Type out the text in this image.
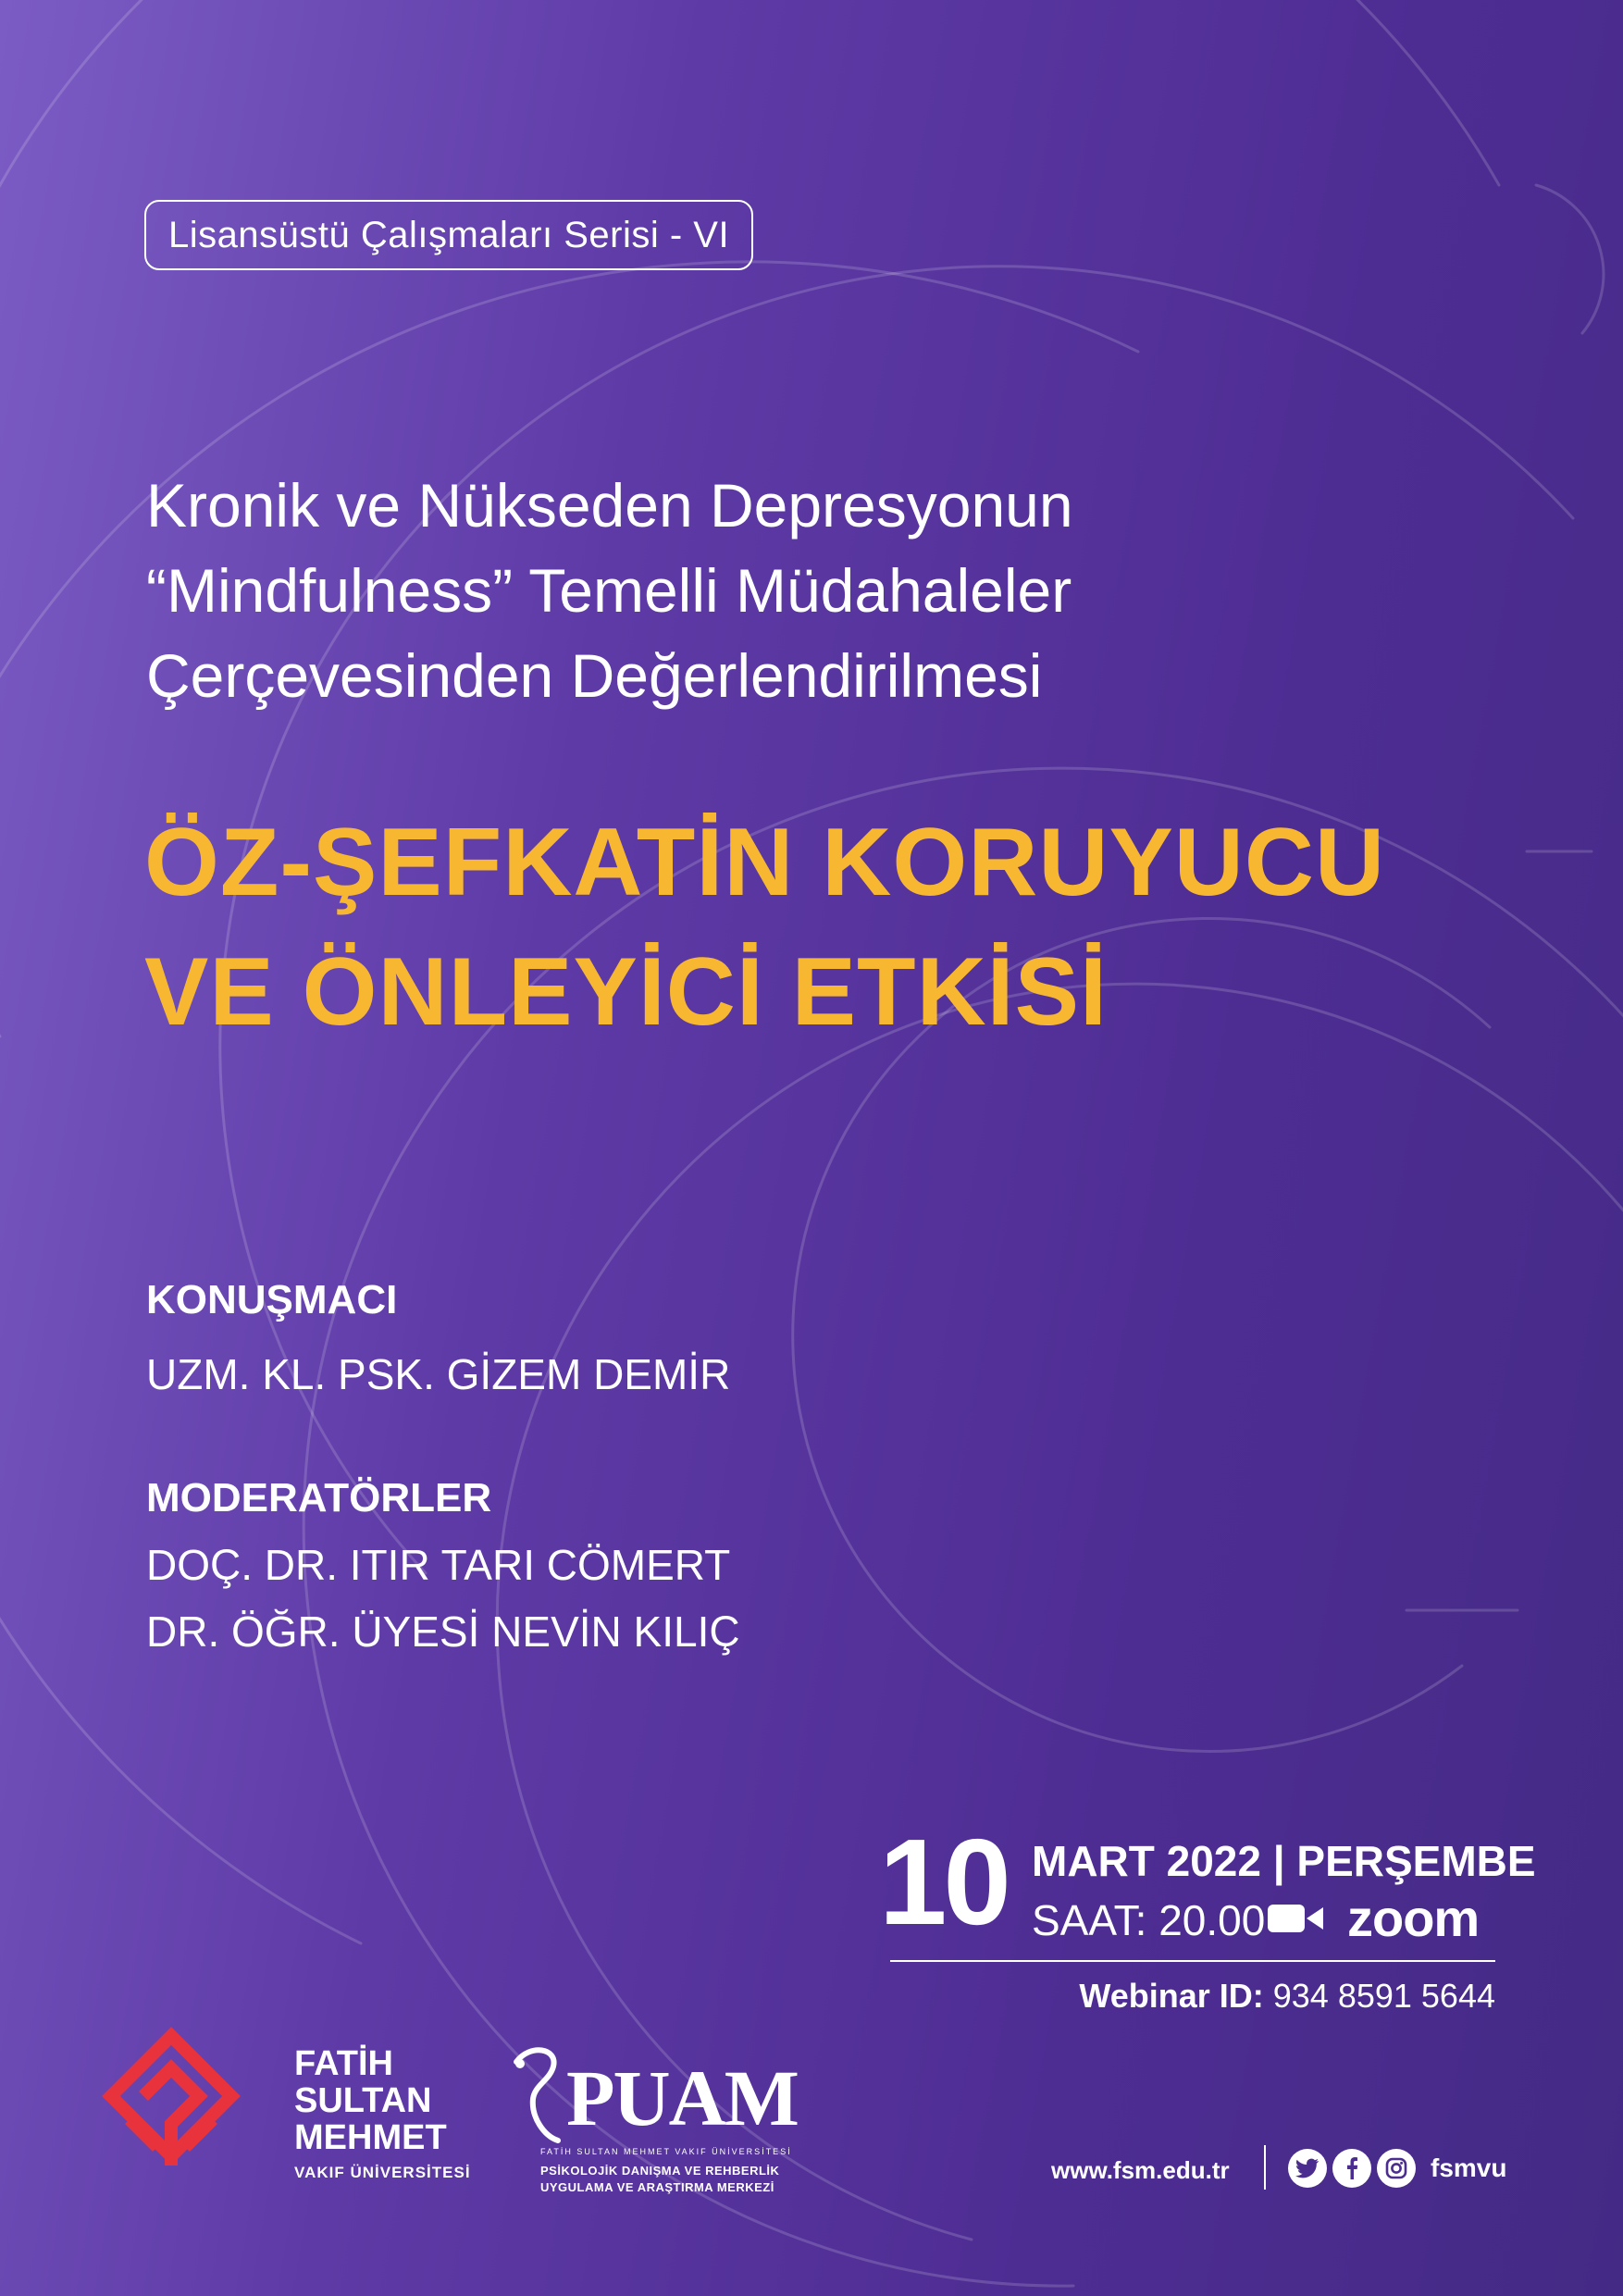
Lisansüstü Çalışmaları Serisi - VI
Kronik ve Nükseden Depresyonun
“Mindfulness” Temelli Müdahaleler
Çerçevesinden Değerlendirilmesi
ÖZ-ŞEFKATİN KORUYUCU
VE ÖNLEYİCİ ETKİSİ
KONUŞMACI
UZM. KL. PSK. GİZEM DEMİR
MODERATÖRLER
DOÇ. DR. ITIR TARI CÖMERT
DR. ÖĞR. ÜYESİ NEVİN KILIÇ
10 MART 2022 | PERŞEMBE
SAAT: 20.00 zoom
Webinar ID: 934 8591 5644
FATİH
SULTAN
MEHMET
VAKIF ÜNİVERSİTESİ
PUAM
FATİH SULTAN MEHMET VAKIF ÜNİVERSİTESİ
PSİKOLOJİK DANIŞMA VE REHBERLİK
UYGULAMA VE ARAŞTIRMA MERKEZİ
www.fsm.edu.tr	fsmvu
